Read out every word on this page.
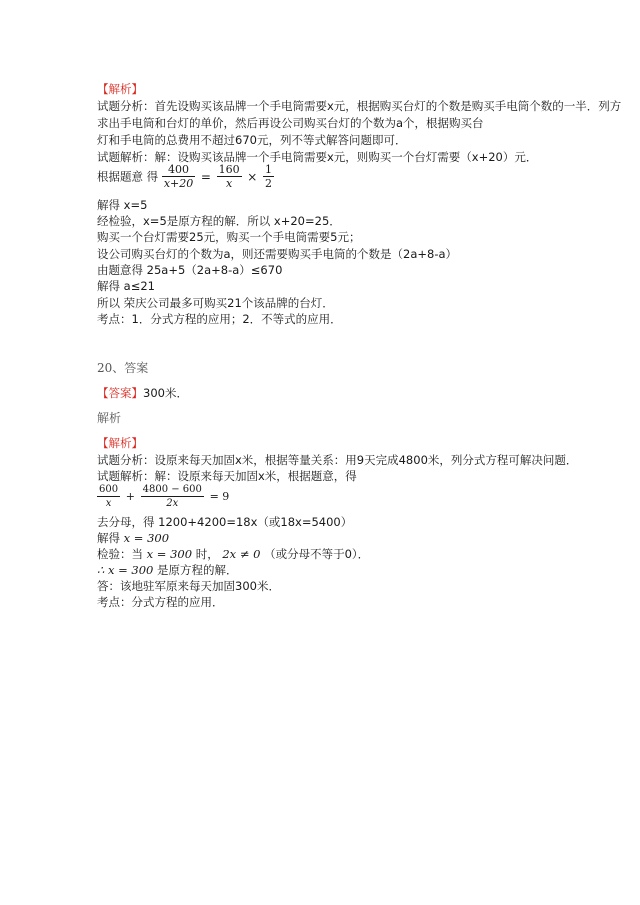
【解析】
试题分析：首先设购买该品牌一个手电筒需要x元，根据购买台灯的个数是购买手电筒个数的一半．列方
求出手电筒和台灯的单价，然后再设公司购买台灯的个数为a个，根据购买台
灯和手电筒的总费用不超过670元，列不等式解答问题即可．
试题解析：解：设购买该品牌一个手电筒需要x元，则购买一个台灯需要（x+20）元．
根据题意 得 $\frac{400}{x+20} = \frac{160}{x} \times \frac{1}{2}$
解得 x=5
经检验，x=5是原方程的解．所以 x+20=25．
购买一个台灯需要25元，购买一个手电筒需要5元；
设公司购买台灯的个数为a，则还需要购买手电筒的个数是（2a+8-a）
由题意得 25a+5（2a+8-a）≤670
解得 a≤21
所以 荣庆公司最多可购买21个该品牌的台灯．
考点：1．分式方程的应用；2．不等式的应用．
20、答案
【答案】300米．
解析
【解析】
试题分析：设原来每天加固x米，根据等量关系：用9天完成4800米，列分式方程可解决问题．
试题解析：解：设原来每天加固x米，根据题意，得
$\frac{600}{x} + \frac{4800 - 600}{2x} = 9$
去分母，得 1200+4200=18x（或18x=5400）
解得 x = 300
检验：当 x = 300 时， 2x ≠ 0 （或分母不等于0）．
∴ x = 300 是原方程的解．
答：该地驻军原来每天加固300米．
考点：分式方程的应用．
